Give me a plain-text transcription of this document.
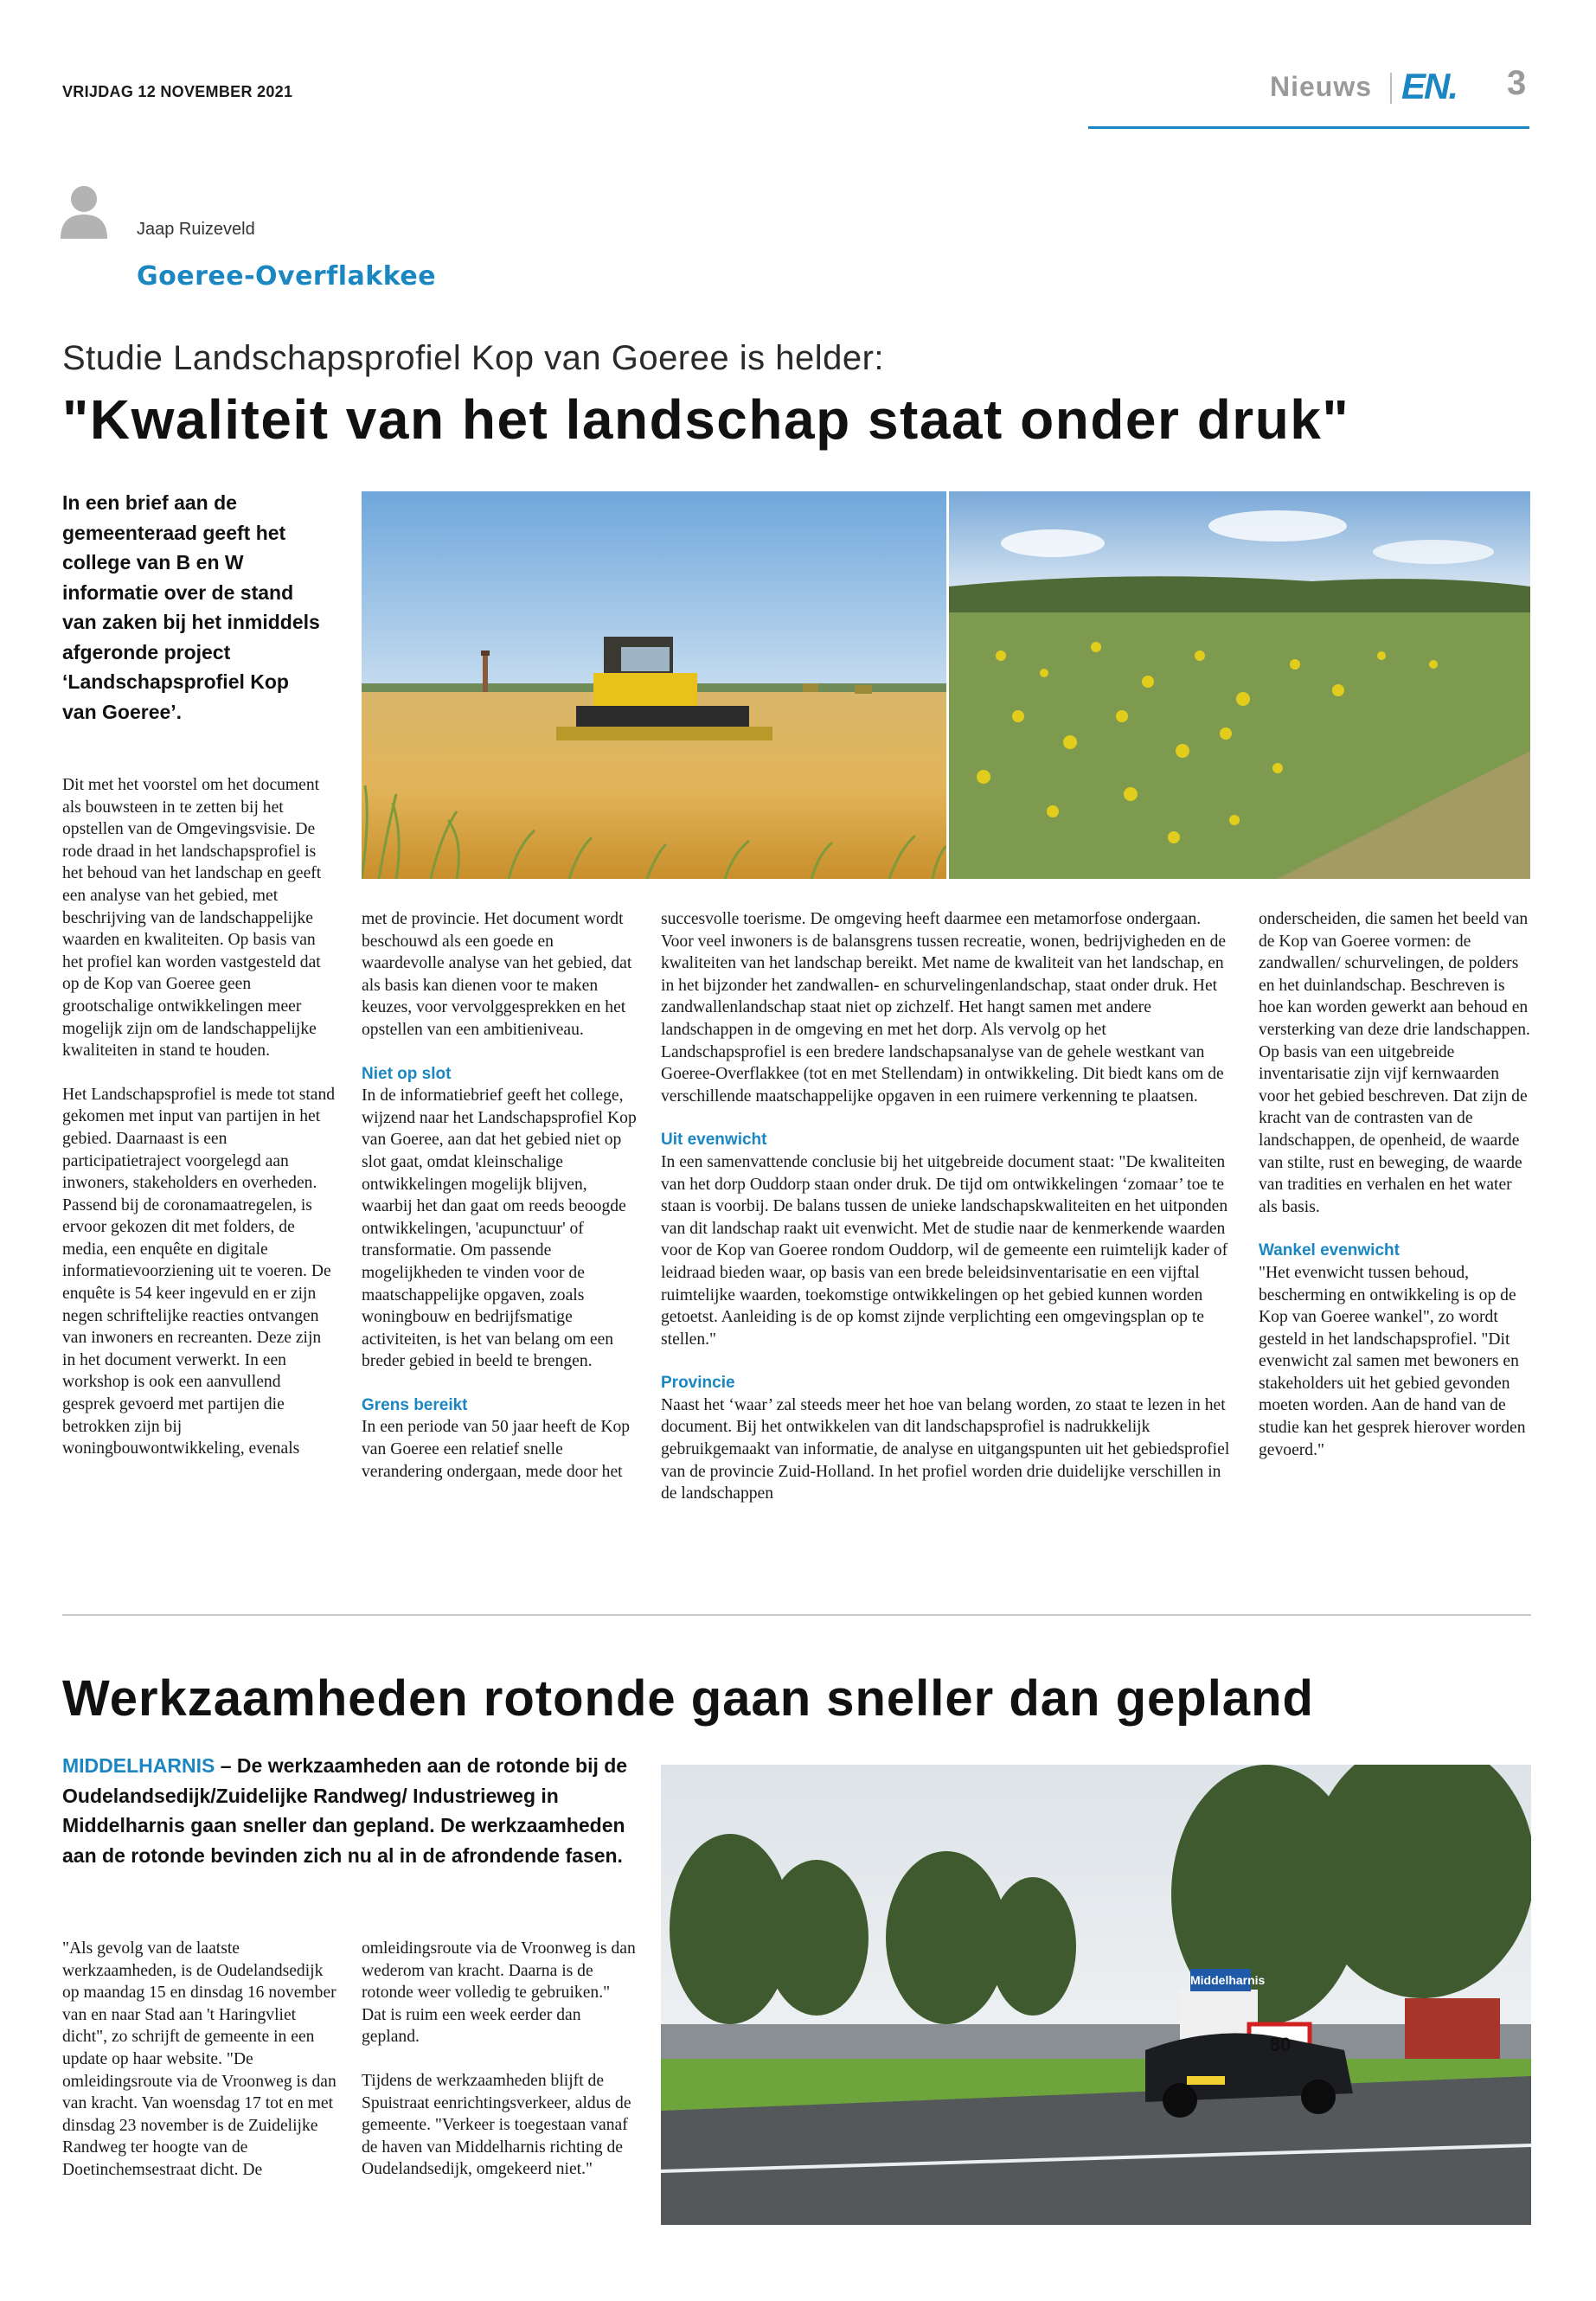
VRIJDAG 12 NOVEMBER 2021	Nieuws EN. 3
Jaap Ruizeveld
Goeree-Overflakkee
Studie Landschapsprofiel Kop van Goeree is helder:
"Kwaliteit van het landschap staat onder druk"
In een brief aan de gemeenteraad geeft het college van B en W informatie over de stand van zaken bij het inmiddels afgeronde project ‘Landschapsprofiel Kop van Goeree’.

Dit met het voorstel om het document als bouwsteen in te zetten bij het opstellen van de Omgevingsvisie. De rode draad in het landschapsprofiel is het behoud van het landschap en geeft een analyse van het gebied, met beschrijving van de landschappelijke waarden en kwaliteiten. Op basis van het profiel kan worden vastgesteld dat op de Kop van Goeree geen grootschalige ontwikkelingen meer mogelijk zijn om de landschappelijke kwaliteiten in stand te houden.

Het Landschapsprofiel is mede tot stand gekomen met input van partijen in het gebied. Daarnaast is een participatietraject voorgelegd aan inwoners, stakeholders en overheden. Passend bij de coronamaatregelen, is ervoor gekozen dit met folders, de media, een enquête en digitale informatievoorziening uit te voeren. De enquête is 54 keer ingevuld en er zijn negen schriftelijke reacties ontvangen van inwoners en recreanten. Deze zijn in het document verwerkt. In een workshop is ook een aanvullend gesprek gevoerd met partijen die betrokken zijn bij woningbouwontwikkeling, evenals

met de provincie. Het document wordt beschouwd als een goede en waardevolle analyse van het gebied, dat als basis kan dienen voor te maken keuzes, voor vervolggesprekken en het opstellen van een ambitieniveau.

Niet op slot

In de informatiebrief geeft het college, wijzend naar het Landschapsprofiel Kop van Goeree, aan dat het gebied niet op slot gaat, omdat kleinschalige ontwikkelingen mogelijk blijven, waarbij het dan gaat om reeds beoogde ontwikkelingen, 'acupunctuur' of transformatie. Om passende mogelijkheden te vinden voor de maatschappelijke opgaven, zoals woningbouw en bedrijfsmatige activiteiten, is het van belang om een breder gebied in beeld te brengen.

Grens bereikt

In een periode van 50 jaar heeft de Kop van Goeree een relatief snelle verandering ondergaan, mede door het

succesvolle toerisme. De omgeving heeft daarmee een metamorfose ondergaan. Voor veel inwoners is de balansgrens tussen recreatie, wonen, bedrijvigheden en de kwaliteiten van het landschap bereikt. Met name de kwaliteit van het landschap, en in het bijzonder het zandwallen- en schurvelingenlandschap, staat onder druk. Het zandwallenlandschap staat niet op zichzelf. Het hangt samen met andere landschappen in de omgeving en met het dorp. Als vervolg op het Landschapsprofiel is een bredere landschapsanalyse van de gehele westkant van Goeree-Overflakkee (tot en met Stellendam) in ontwikkeling. Dit biedt kans om de verschillende maatschappelijke opgaven in een ruimere verkenning te plaatsen.

Uit evenwicht

In een samenvattende conclusie bij het uitgebreide document staat: "De kwaliteiten van het dorp Ouddorp staan onder druk. De tijd om ontwikkelingen ‘zomaar’ toe te staan is voorbij. De balans tussen de unieke landschapskwaliteiten en het uitponden van dit landschap raakt uit evenwicht. Met de studie naar de kenmerkende waarden voor de Kop van Goeree rondom Ouddorp, wil de gemeente een ruimtelijk kader of leidraad bieden waar, op basis van een brede beleidsinventarisatie en een vijftal ruimtelijke waarden, toekomstige ontwikkelingen op het gebied kunnen worden getoetst. Aanleiding is de op komst zijnde verplichting een omgevingsplan op te stellen."

Provincie

Naast het ‘waar’ zal steeds meer het hoe van belang worden, zo staat te lezen in het document. Bij het ontwikkelen van dit landschapsprofiel is nadrukkelijk gebruikgemaakt van informatie, de analyse en uitgangspunten uit het gebiedsprofiel van de provincie Zuid-Holland. In het profiel worden drie duidelijke verschillen in de landschappen

onderscheiden, die samen het beeld van de Kop van Goeree vormen: de zandwallen/ schurvelingen, de polders en het duinlandschap. Beschreven is hoe kan worden gewerkt aan behoud en versterking van deze drie landschappen. Op basis van een uitgebreide inventarisatie zijn vijf kernwaarden voor het gebied beschreven. Dat zijn de kracht van de contrasten van de landschappen, de openheid, de waarde van stilte, rust en beweging, de waarde van tradities en verhalen en het water als basis.

Wankel evenwicht

"Het evenwicht tussen behoud, bescherming en ontwikkeling is op de Kop van Goeree wankel", zo wordt gesteld in het landschapsprofiel. "Dit evenwicht zal samen met bewoners en stakeholders uit het gebied gevonden moeten worden. Aan de hand van de studie kan het gesprek hierover worden gevoerd."

Werkzaamheden rotonde gaan sneller dan gepland
MIDDELHARNIS – De werkzaamheden aan de rotonde bij de Oudelandsedijk/Zuidelijke Randweg/ Industrieweg in Middelharnis gaan sneller dan gepland. De werkzaamheden aan de rotonde bevinden zich nu al in de afrondende fasen.
Middelharnis
80

"Als gevolg van de laatste werkzaamheden, is de Oudelandsedijk op maandag 15 en dinsdag 16 november van en naar Stad aan 't Haringvliet dicht", zo schrijft de gemeente in een update op haar website. "De omleidingsroute via de Vroonweg is dan van kracht. Van woensdag 17 tot en met dinsdag 23 november is de Zuidelijke Randweg ter hoogte van de Doetinchemsestraat dicht. De

omleidingsroute via de Vroonweg is dan wederom van kracht. Daarna is de rotonde weer volledig te gebruiken." Dat is ruim een week eerder dan gepland.

Tijdens de werkzaamheden blijft de Spuistraat eenrichtingsverkeer, aldus de gemeente. "Verkeer is toegestaan vanaf de haven van Middelharnis richting de Oudelandsedijk, omgekeerd niet."
